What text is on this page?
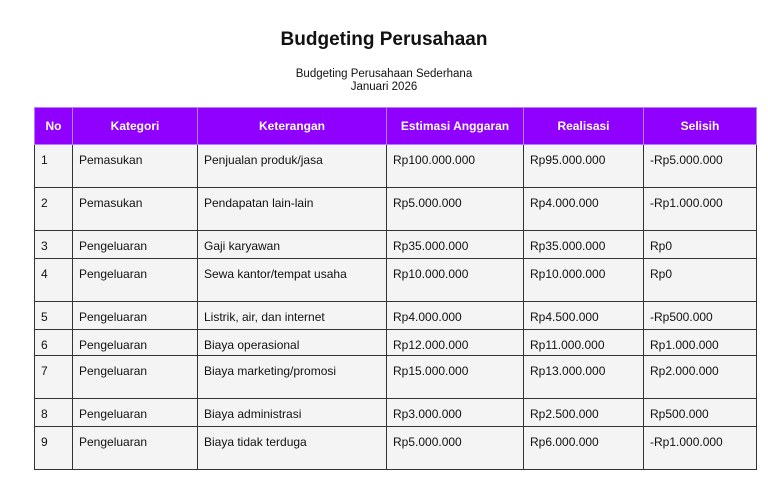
Budgeting Perusahaan
Budgeting Perusahaan Sederhana
Januari 2026
No	Kategori	Keterangan	Estimasi Anggaran	Realisasi	Selisih
1	Pemasukan	Penjualan produk/jasa	Rp100.000.000	Rp95.000.000	-Rp5.000.000
2	Pemasukan	Pendapatan lain-lain	Rp5.000.000	Rp4.000.000	-Rp1.000.000
3	Pengeluaran	Gaji karyawan	Rp35.000.000	Rp35.000.000	Rp0
4	Pengeluaran	Sewa kantor/tempat usaha	Rp10.000.000	Rp10.000.000	Rp0
5	Pengeluaran	Listrik, air, dan internet	Rp4.000.000	Rp4.500.000	-Rp500.000
6	Pengeluaran	Biaya operasional	Rp12.000.000	Rp11.000.000	Rp1.000.000
7	Pengeluaran	Biaya marketing/promosi	Rp15.000.000	Rp13.000.000	Rp2.000.000
8	Pengeluaran	Biaya administrasi	Rp3.000.000	Rp2.500.000	Rp500.000
9	Pengeluaran	Biaya tidak terduga	Rp5.000.000	Rp6.000.000	-Rp1.000.000
